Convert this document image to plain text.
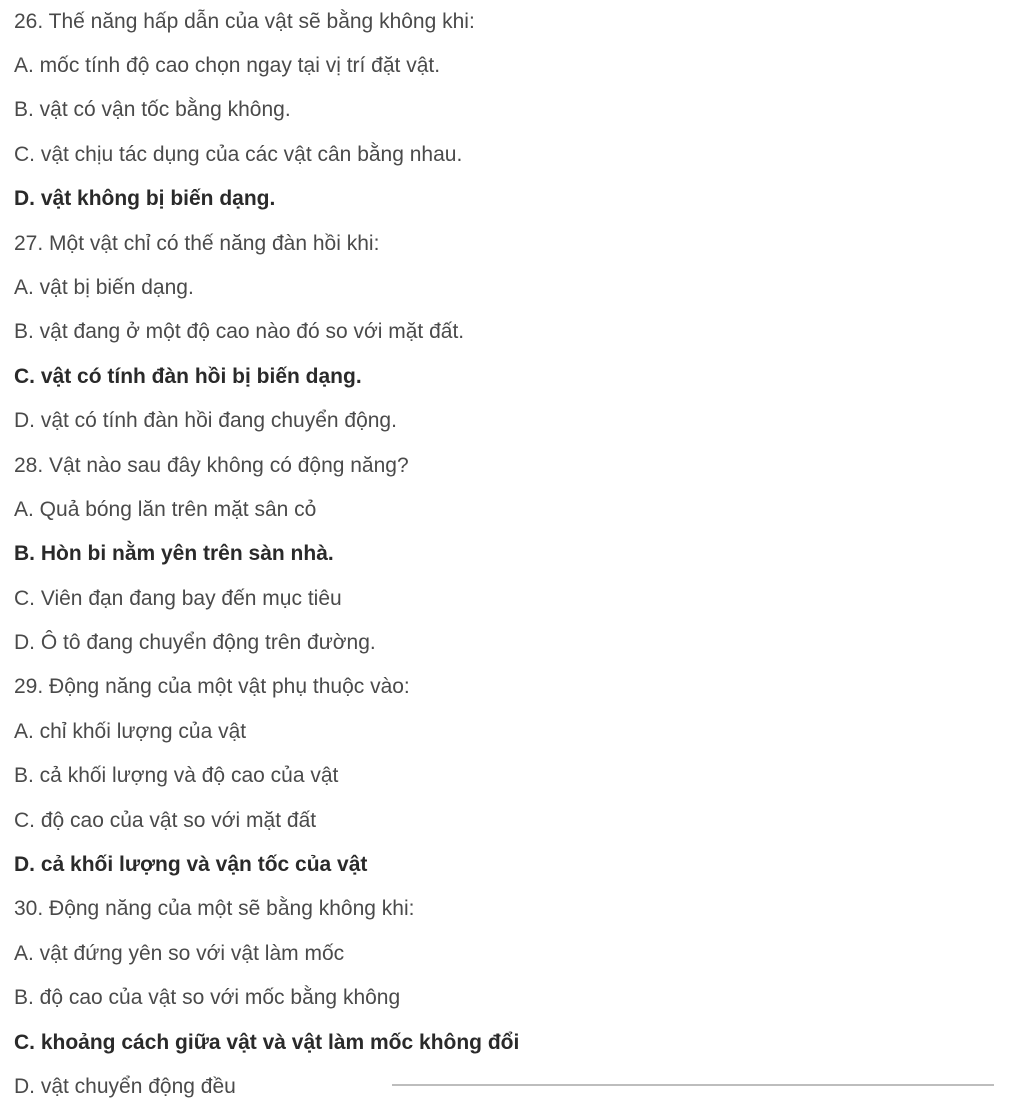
26. Thế năng hấp dẫn của vật sẽ bằng không khi:
A. mốc tính độ cao chọn ngay tại vị trí đặt vật.
B. vật có vận tốc bằng không.
C. vật chịu tác dụng của các vật cân bằng nhau.
D. vật không bị biến dạng.
27. Một vật chỉ có thế năng đàn hồi khi:
A. vật bị biến dạng.
B. vật đang ở một độ cao nào đó so với mặt đất.
C. vật có tính đàn hồi bị biến dạng.
D. vật có tính đàn hồi đang chuyển động.
28. Vật nào sau đây không có động năng?
A. Quả bóng lăn trên mặt sân cỏ
B. Hòn bi nằm yên trên sàn nhà.
C. Viên đạn đang bay đến mục tiêu
D. Ô tô đang chuyển động trên đường.
29. Động năng của một vật phụ thuộc vào:
A. chỉ khối lượng của vật
B. cả khối lượng và độ cao của vật
C. độ cao của vật so với mặt đất
D. cả khối lượng và vận tốc của vật
30. Động năng của một sẽ bằng không khi:
A. vật đứng yên so với vật làm mốc
B. độ cao của vật so với mốc bằng không
C. khoảng cách giữa vật và vật làm mốc không đổi
D. vật chuyển động đều
